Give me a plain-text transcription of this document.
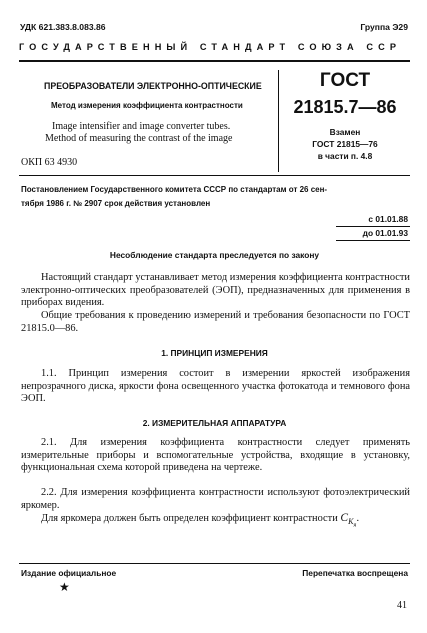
УДК 621.383.8.083.86	Группа Э29
ГОСУДАРСТВЕННЫЙ СТАНДАРТ СОЮЗА ССР
ПРЕОБРАЗОВАТЕЛИ ЭЛЕКТРОННО-ОПТИЧЕСКИЕ
Метод измерения коэффициента контрастности
Image intensifier and image converter tubes.
Method of measuring the contrast of the image
ОКП 63 4930
ГОСТ
21815.7—86
Взамен
ГОСТ 21815—76
в части п. 4.8
Постановлением Государственного комитета СССР по стандартам от 26 сен-
тября 1986 г. № 2907 срок действия установлен
с 01.01.88
до 01.01.93
Несоблюдение стандарта преследуется по закону
Настоящий стандарт устанавливает метод измерения коэффициента контрастности электронно-оптических преобразователей (ЭОП), предназначенных для применения в приборах видения.
Общие требования к проведению измерений и требования безопасности по ГОСТ 21815.0—86.
1. ПРИНЦИП ИЗМЕРЕНИЯ
1.1. Принцип измерения состоит в измерении яркостей изображения непрозрачного диска, яркости фона освещенного участка фотокатода и темнового фона ЭОП.
2. ИЗМЕРИТЕЛЬНАЯ АППАРАТУРА
2.1. Для измерения коэффициента контрастности следует применять измерительные приборы и вспомогательные устройства, входящие в установку, функциональная схема которой приведена на чертеже.
2.2. Для измерения коэффициента контрастности используют фотоэлектрический яркомер.
Для яркомера должен быть определен коэффициент контрастности $C_{K_я}$.
Издание официальное	Перепечатка воспрещена
★
41
